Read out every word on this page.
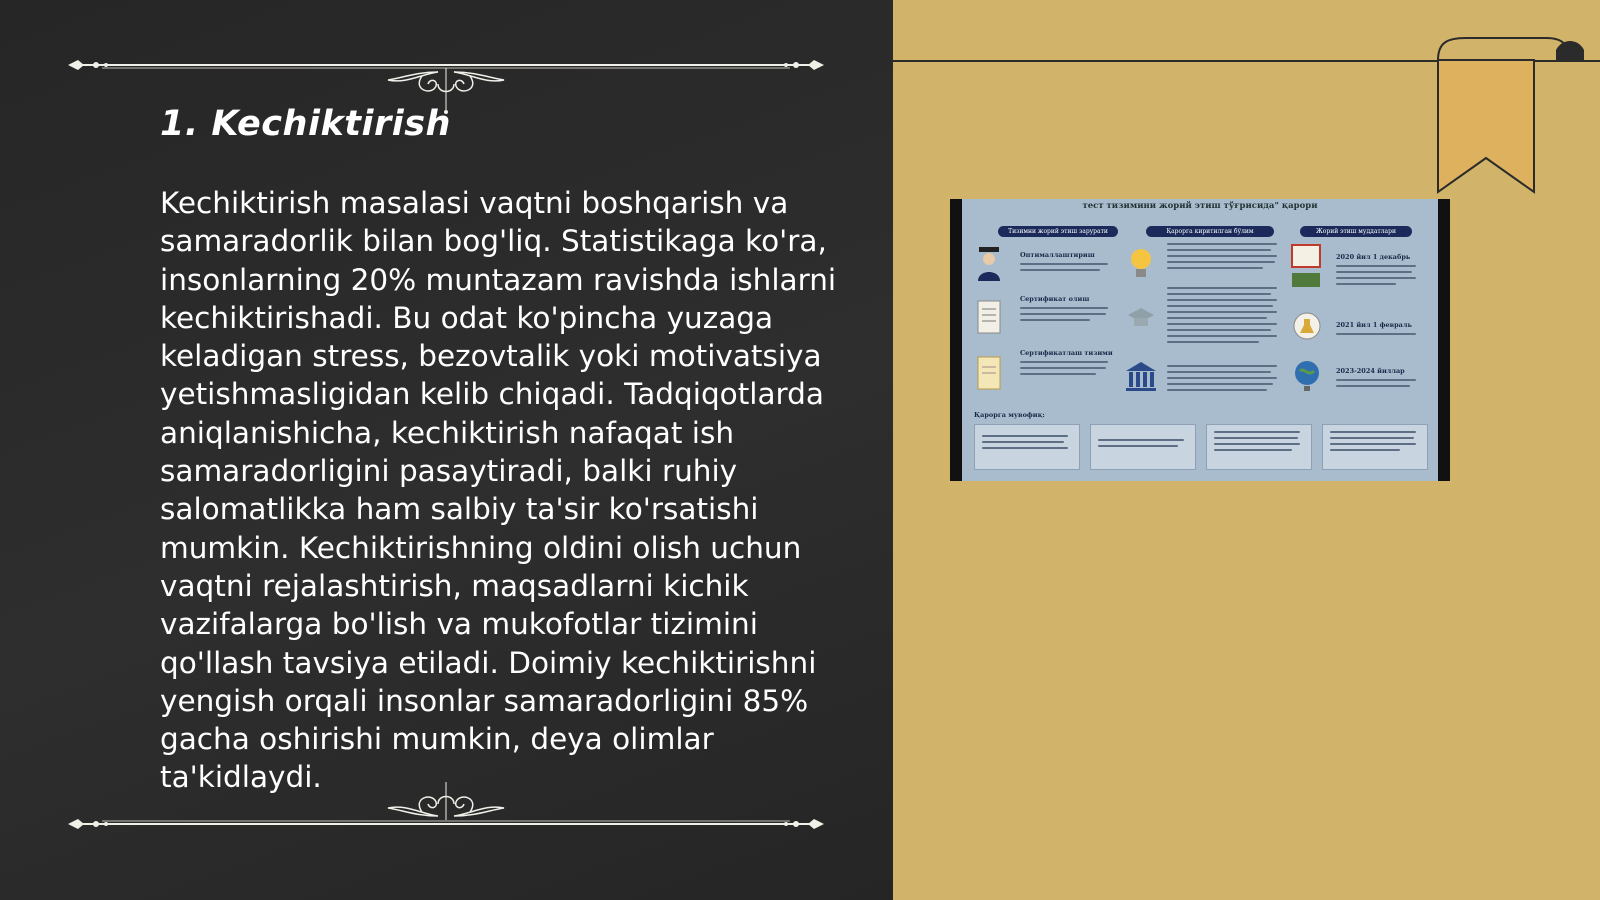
1. Kechiktirish

Kechiktirish masalasi vaqtni boshqarish va samaradorlik bilan bog'liq. Statistikaga ko'ra, insonlarning 20% muntazam ravishda ishlarni kechiktirishadi. Bu odat ko'pincha yuzaga keladigan stress, bezovtalik yoki motivatsiya yetishmasligidan kelib chiqadi. Tadqiqotlarda aniqlanishicha, kechiktirish nafaqat ish samaradorligini pasaytiradi, balki ruhiy salomatlikka ham salbiy ta'sir ko'rsatishi mumkin. Kechiktirishning oldini olish uchun vaqtni rejalashtirish, maqsadlarni kichik vazifalarga bo'lish va mukofotlar tizimini qo'llash tavsiya etiladi. Doimiy kechiktirishni yengish orqali insonlar samaradorligini 85% gacha oshirishi mumkin, deya olimlar ta'kidlaydi.

тест тизимини жорий этиш тўғрисида" қарори
Тизимни жорий этиш зарурати	Қарорга киритилган бўлим	Жорий этиш муддатлари
Оптималлаштириш
Сертификат олиш
Сертификатлаш тизими
2020 йил 1 декабрь
2021 йил 1 февраль
2023-2024 йиллар
Қарорга мувофиқ:
